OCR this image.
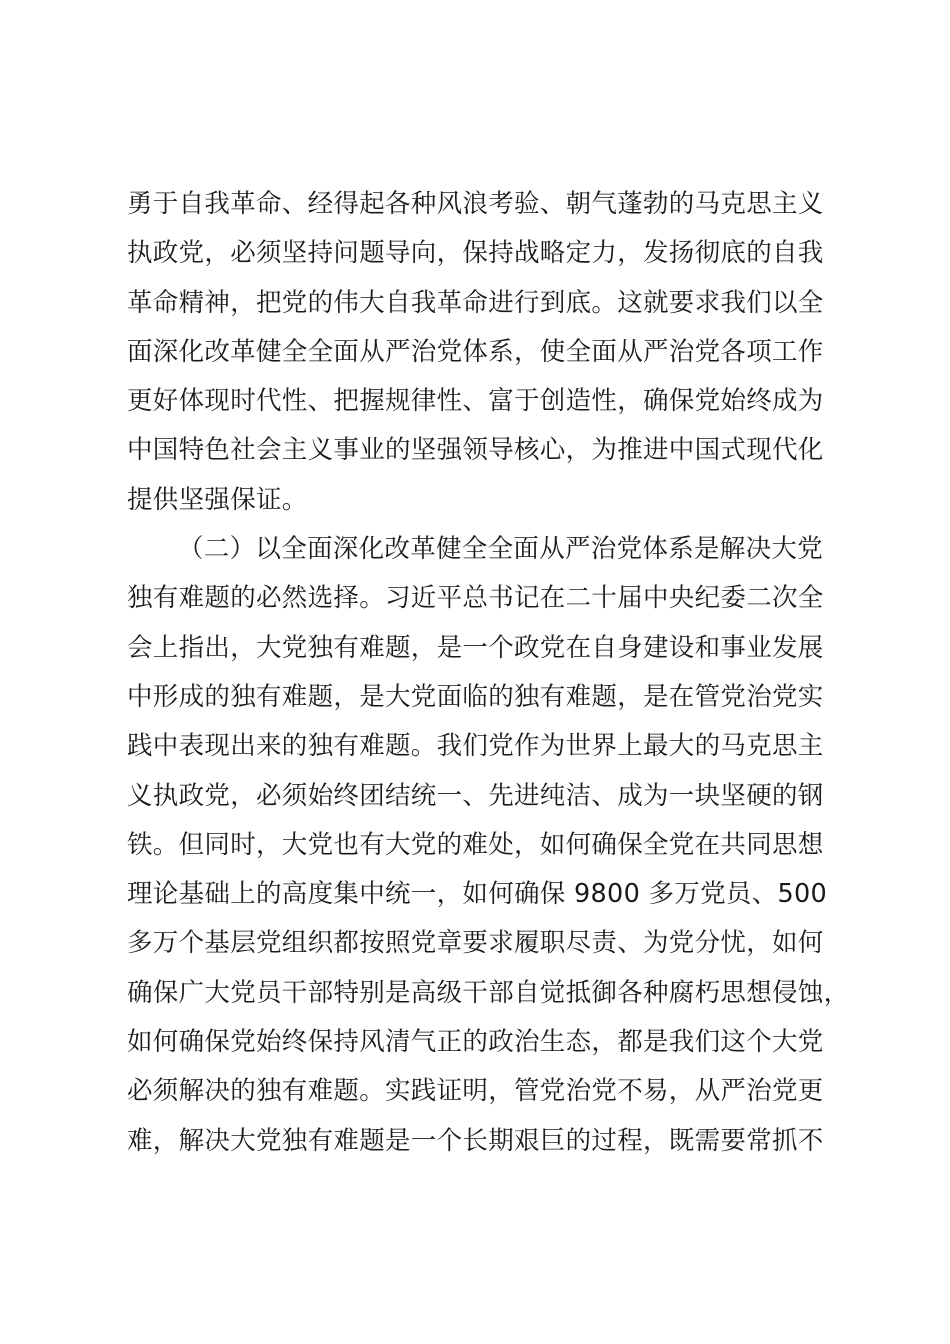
勇于自我革命、经得起各种风浪考验、朝气蓬勃的马克思主义
执政党，必须坚持问题导向，保持战略定力，发扬彻底的自我
革命精神，把党的伟大自我革命进行到底。这就要求我们以全
面深化改革健全全面从严治党体系，使全面从严治党各项工作
更好体现时代性、把握规律性、富于创造性，确保党始终成为
中国特色社会主义事业的坚强领导核心，为推进中国式现代化
提供坚强保证。
（二）以全面深化改革健全全面从严治党体系是解决大党
独有难题的必然选择。习近平总书记在二十届中央纪委二次全
会上指出，大党独有难题，是一个政党在自身建设和事业发展
中形成的独有难题，是大党面临的独有难题，是在管党治党实
践中表现出来的独有难题。我们党作为世界上最大的马克思主
义执政党，必须始终团结统一、先进纯洁、成为一块坚硬的钢
铁。但同时，大党也有大党的难处，如何确保全党在共同思想
理论基础上的高度集中统一，如何确保 9800 多万党员、500
多万个基层党组织都按照党章要求履职尽责、为党分忧，如何
确保广大党员干部特别是高级干部自觉抵御各种腐朽思想侵蚀，
如何确保党始终保持风清气正的政治生态，都是我们这个大党
必须解决的独有难题。实践证明，管党治党不易，从严治党更
难，解决大党独有难题是一个长期艰巨的过程，既需要常抓不
